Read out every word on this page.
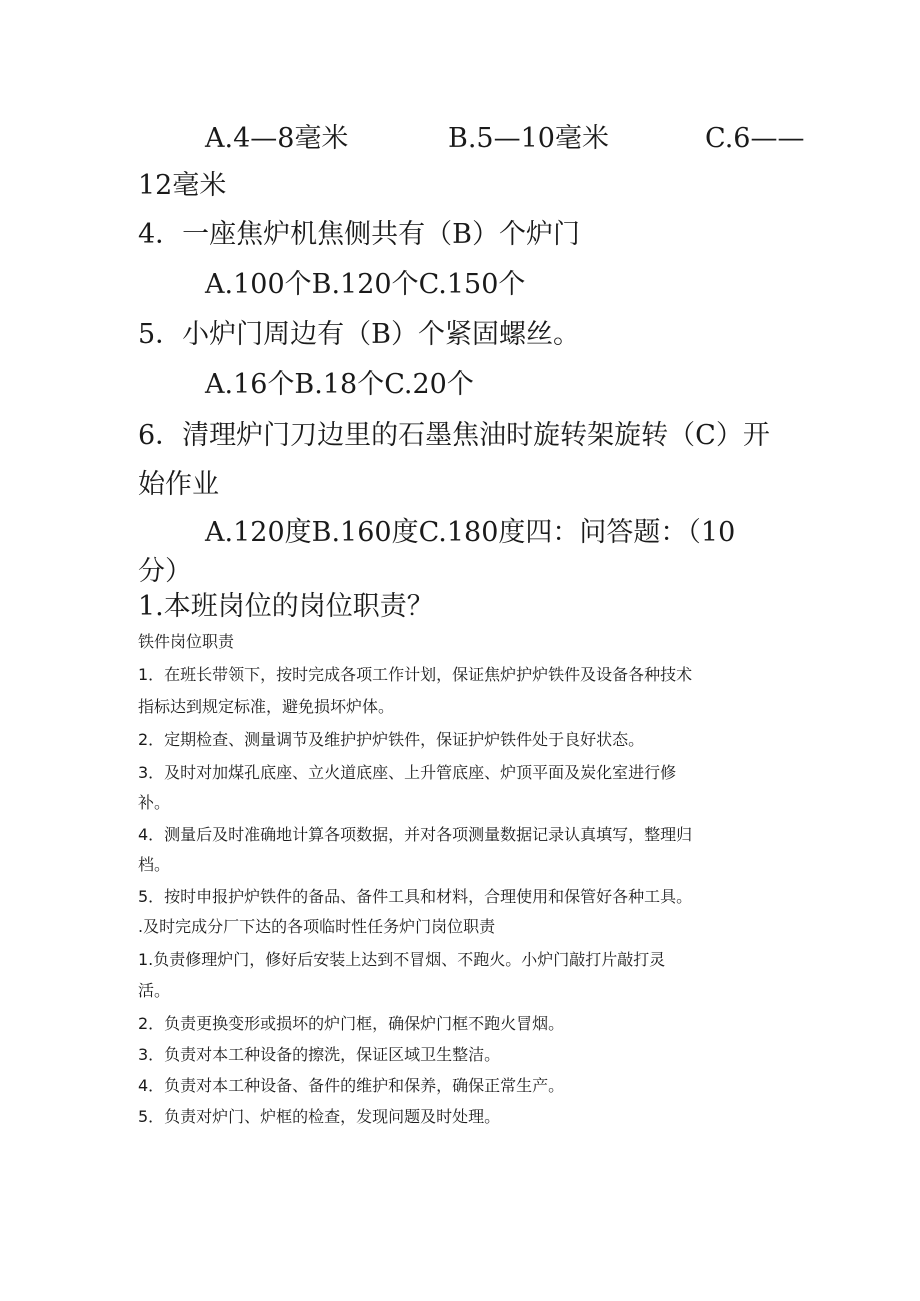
A.4—8毫米	B.5—10毫米	C.6——
12毫米
4．一座焦炉机焦侧共有（B）个炉门
A.100个B.120个C.150个
5．小炉门周边有（B）个紧固螺丝。
A.16个B.18个C.20个
6．清理炉门刀边里的石墨焦油时旋转架旋转（C）开
始作业
A.120度B.160度C.180度四：问答题：（10
分）
1.本班岗位的岗位职责？
铁件岗位职责
1．在班长带领下，按时完成各项工作计划，保证焦炉护炉铁件及设备各种技术
指标达到规定标准，避免损坏炉体。
2．定期检查、测量调节及维护护炉铁件，保证护炉铁件处于良好状态。
3．及时对加煤孔底座、立火道底座、上升管底座、炉顶平面及炭化室进行修
补。
4．测量后及时准确地计算各项数据，并对各项测量数据记录认真填写，整理归
档。
5．按时申报护炉铁件的备品、备件工具和材料，合理使用和保管好各种工具。
.及时完成分厂下达的各项临时性任务炉门岗位职责
1.负责修理炉门，修好后安装上达到不冒烟、不跑火。小炉门敲打片敲打灵
活。
2．负责更换变形或损坏的炉门框，确保炉门框不跑火冒烟。
3．负责对本工种设备的擦洗，保证区域卫生整洁。
4．负责对本工种设备、备件的维护和保养，确保正常生产。
5．负责对炉门、炉框的检查，发现问题及时处理。
